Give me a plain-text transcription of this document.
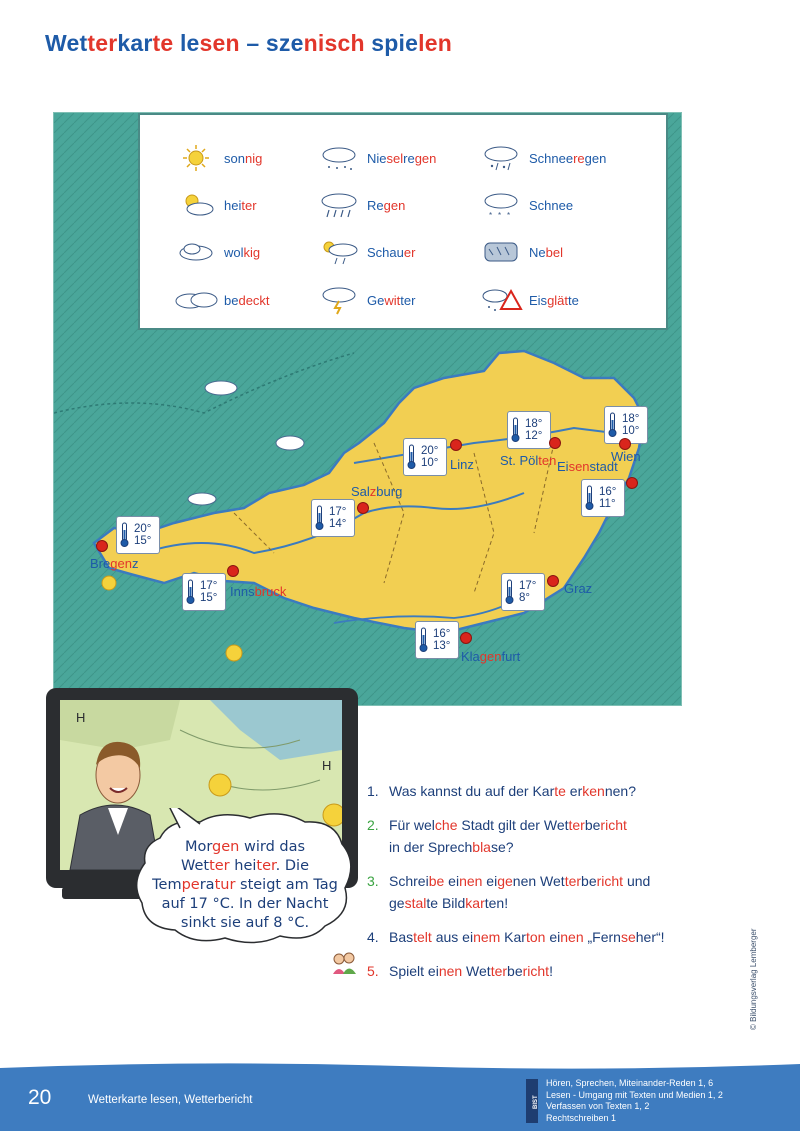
Wetterkarte lesen – szenisch spielen
20°
15°
Bregenz
17°
15° Innsbruck
17°
14°
Salzburg
20°
10° Linz
18°
12°
St. Pölten
18°
10°
Wien
16°
11°
Eisenstadt
17°
8°
Graz
16°
13°
Klagenfurt
sonnig
heiter
wolkig
bedeckt
Nieselregen
Regen
Schauer
Gewitter
Schneeregen
* * *
Schnee
Nebel
Eisglätte
H
H
Morgen wird das
Wetter heiter. Die
Temperatur steigt am Tag
auf 17 °C. In der Nacht
sinkt sie auf 8 °C.
1. Was kannst du auf der Karte erkennen?
2. Für welche Stadt gilt der Wetterbericht
in der Sprechblase?
3. Schreibe einen eigenen Wetterbericht und
gestalte Bildkarten!
4. Bastelt aus einem Karton einen „Fernseher“!
5. Spielt einen Wetterbericht!	© Bildungsverlag Lemberger
20	Wetterkarte lesen, Wetterbericht	BIST
Hören, Sprechen, Miteinander-Reden 1, 6
Lesen - Umgang mit Texten und Medien 1, 2
Verfassen von Texten 1, 2
Rechtschreiben 1
